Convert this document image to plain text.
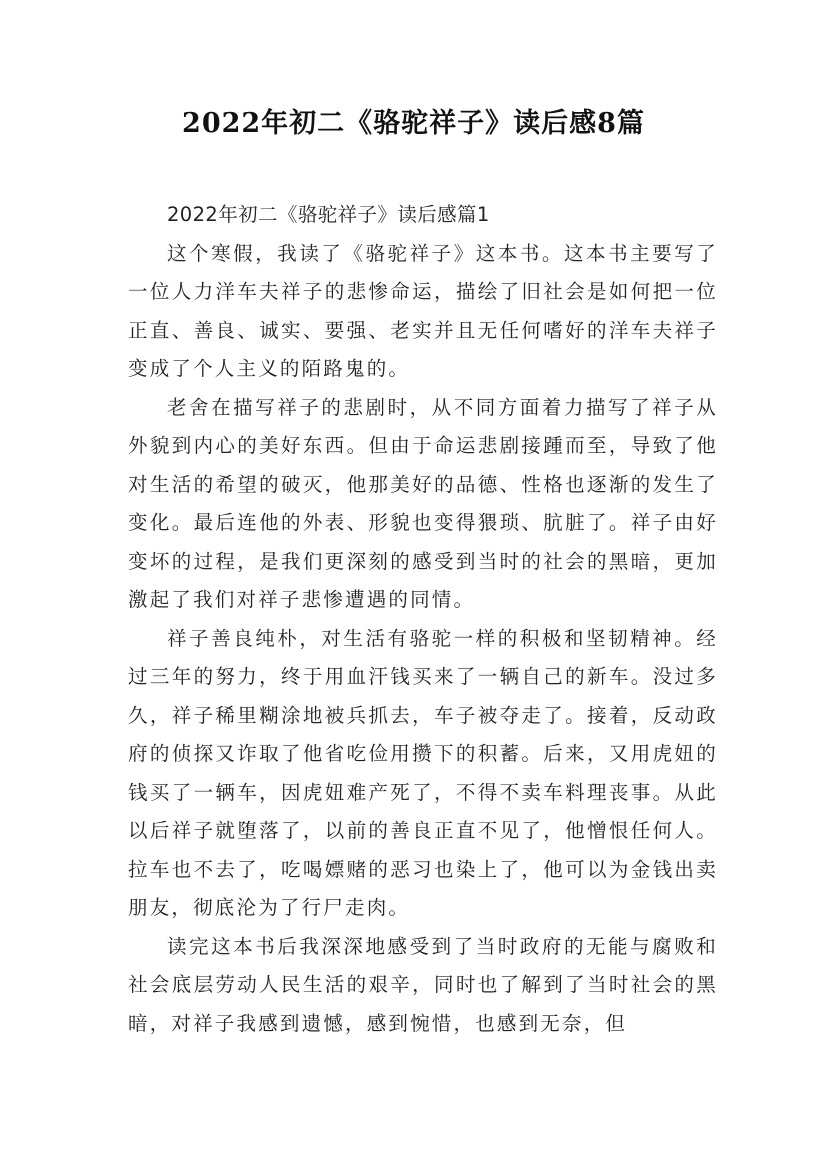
2022年初二《骆驼祥子》读后感8篇

2022年初二《骆驼祥子》读后感篇1

这个寒假，我读了《骆驼祥子》这本书。这本书主要写了一位人力洋车夫祥子的悲惨命运，描绘了旧社会是如何把一位正直、善良、诚实、要强、老实并且无任何嗜好的洋车夫祥子变成了个人主义的陌路鬼的。

老舍在描写祥子的悲剧时，从不同方面着力描写了祥子从外貌到内心的美好东西。但由于命运悲剧接踵而至，导致了他对生活的希望的破灭，他那美好的品德、性格也逐渐的发生了变化。最后连他的外表、形貌也变得猥琐、肮脏了。祥子由好变坏的过程，是我们更深刻的感受到当时的社会的黑暗，更加激起了我们对祥子悲惨遭遇的同情。

祥子善良纯朴，对生活有骆驼一样的积极和坚韧精神。经过三年的努力，终于用血汗钱买来了一辆自己的新车。没过多久，祥子稀里糊涂地被兵抓去，车子被夺走了。接着，反动政府的侦探又诈取了他省吃俭用攒下的积蓄。后来，又用虎妞的钱买了一辆车，因虎妞难产死了，不得不卖车料理丧事。从此以后祥子就堕落了，以前的善良正直不见了，他憎恨任何人。拉车也不去了，吃喝嫖赌的恶习也染上了，他可以为金钱出卖朋友，彻底沦为了行尸走肉。

读完这本书后我深深地感受到了当时政府的无能与腐败和社会底层劳动人民生活的艰辛，同时也了解到了当时社会的黑暗，对祥子我感到遗憾，感到惋惜，也感到无奈，但
